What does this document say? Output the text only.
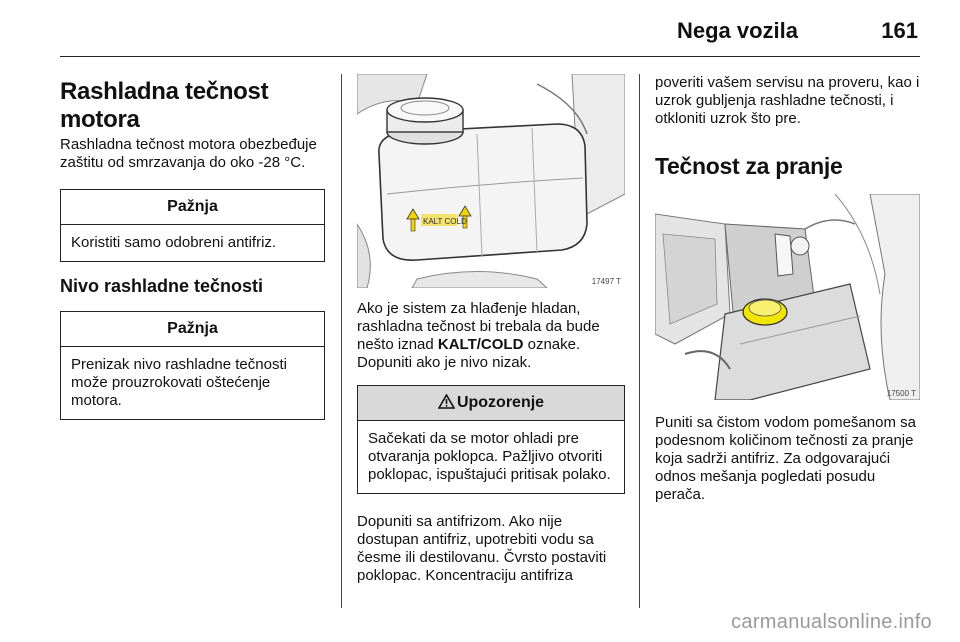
Nega vozila	161
Rashladna tečnost motora

Rashladna tečnost motora obezbeđuje zaštitu od smrzavanja do oko -28 °C.

Pažnja
Koristiti samo odobreni antifriz.
Nivo rashladne tečnosti
Pažnja
Prenizak nivo rashladne tečnosti može prouzrokovati oštećenje motora.
KALT COLD
17497 T

Ako je sistem za hlađenje hladan, rashladna tečnost bi trebala da bude nešto iznad KALT/COLD oznake. Dopuniti ako je nivo nizak.

Upozorenje
Sačekati da se motor ohladi pre otvaranja poklopca. Pažljivo otvoriti poklopac, ispuštajući pritisak polako.

Dopuniti sa antifrizom. Ako nije dostupan antifriz, upotrebiti vodu sa česme ili destilovanu. Čvrsto postaviti poklopac. Koncentraciju antifriza

poveriti vašem servisu na proveru, kao i uzrok gubljenja rashladne tečnosti, i otkloniti uzrok što pre.

Tečnost za pranje
17500 T

Puniti sa čistom vodom pomešanom sa podesnom količinom tečnosti za pranje koja sadrži antifriz. Za odgovarajući odnos mešanja pogledati posudu perača.

carmanualsonline.info
